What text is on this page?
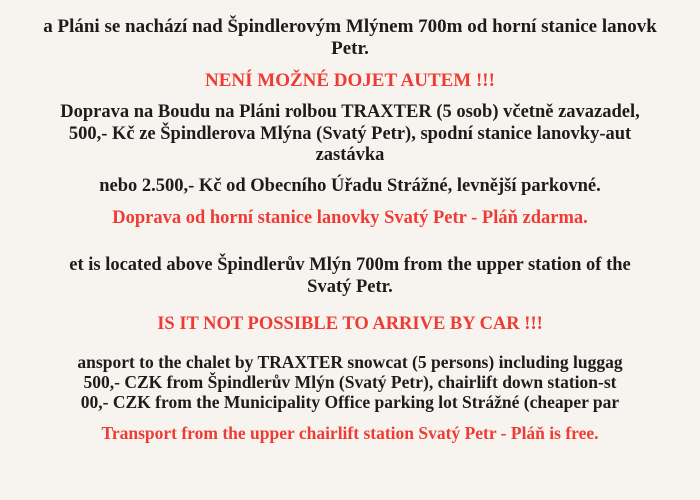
a Pláni se nachází nad Špindlerovým Mlýnem 700m od horní stanice lanovk
Petr.
NENÍ MOŽNÉ DOJET AUTEM !!!
Doprava na Boudu na Pláni rolbou TRAXTER (5 osob) včetně zavazadel,
500,- Kč ze Špindlerova Mlýna (Svatý Petr), spodní stanice lanovky-aut
zastávka
nebo 2.500,- Kč od Obecního Úřadu Strážné, levnější parkovné.
Doprava od horní stanice lanovky Svatý Petr - Pláň zdarma.
et is located above Špindlerův Mlýn 700m from the upper station of the
Svatý Petr.
IS IT NOT POSSIBLE TO ARRIVE BY CAR !!!
ansport to the chalet by TRAXTER snowcat (5 persons) including luggag
500,- CZK from Špindlerův Mlýn (Svatý Petr), chairlift down station-st
00,- CZK from the Municipality Office parking lot Strážné (cheaper par
Transport from the upper chairlift station Svatý Petr - Pláň is free.
